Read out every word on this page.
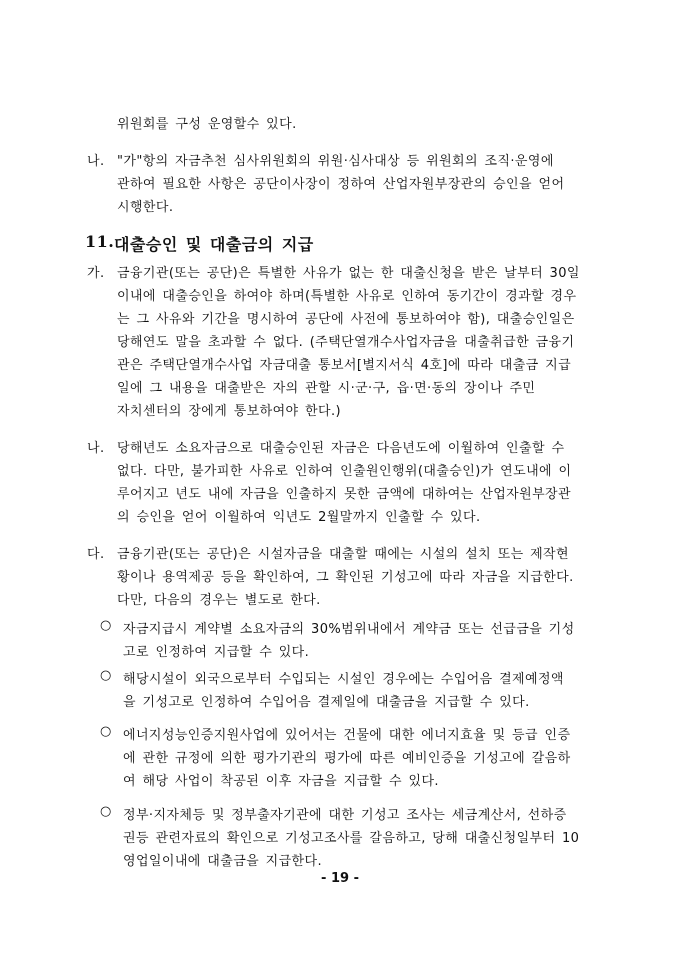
위원회를 구성 운영할수 있다.
나. "가"항의 자금추천 심사위원회의 위원·심사대상 등 위원회의 조직·운영에
관하여 필요한 사항은 공단이사장이 정하여 산업자원부장관의 승인을 얻어
시행한다.
11. 대출승인 및 대출금의 지급
가. 금융기관(또는 공단)은 특별한 사유가 없는 한 대출신청을 받은 날부터 30일
이내에 대출승인을 하여야 하며(특별한 사유로 인하여 동기간이 경과할 경우
는 그 사유와 기간을 명시하여 공단에 사전에 통보하여야 함), 대출승인일은
당해연도 말을 초과할 수 없다. (주택단열개수사업자금을 대출취급한 금융기
관은 주택단열개수사업 자금대출 통보서[별지서식 4호]에 따라 대출금 지급
일에 그 내용을 대출받은 자의 관할 시·군·구, 읍·면·동의 장이나 주민
자치센터의 장에게 통보하여야 한다.)
나. 당해년도 소요자금으로 대출승인된 자금은 다음년도에 이월하여 인출할 수
없다. 다만, 불가피한 사유로 인하여 인출원인행위(대출승인)가 연도내에 이
루어지고 년도 내에 자금을 인출하지 못한 금액에 대하여는 산업자원부장관
의 승인을 얻어 이월하여 익년도 2월말까지 인출할 수 있다.
다. 금융기관(또는 공단)은 시설자금을 대출할 때에는 시설의 설치 또는 제작현
황이나 용역제공 등을 확인하여, 그 확인된 기성고에 따라 자금을 지급한다.
다만, 다음의 경우는 별도로 한다.
○ 자금지급시 계약별 소요자금의 30%범위내에서 계약금 또는 선급금을 기성
고로 인정하여 지급할 수 있다.
○ 해당시설이 외국으로부터 수입되는 시설인 경우에는 수입어음 결제예정액
을 기성고로 인정하여 수입어음 결제일에 대출금을 지급할 수 있다.
○ 에너지성능인증지원사업에 있어서는 건물에 대한 에너지효율 및 등급 인증
에 관한 규정에 의한 평가기관의 평가에 따른 예비인증을 기성고에 갈음하
여 해당 사업이 착공된 이후 자금을 지급할 수 있다.
○ 정부·지자체등 및 정부출자기관에 대한 기성고 조사는 세금계산서, 선하증
권등 관련자료의 확인으로 기성고조사를 갈음하고, 당해 대출신청일부터 10
영업일이내에 대출금을 지급한다.
- 19 -
